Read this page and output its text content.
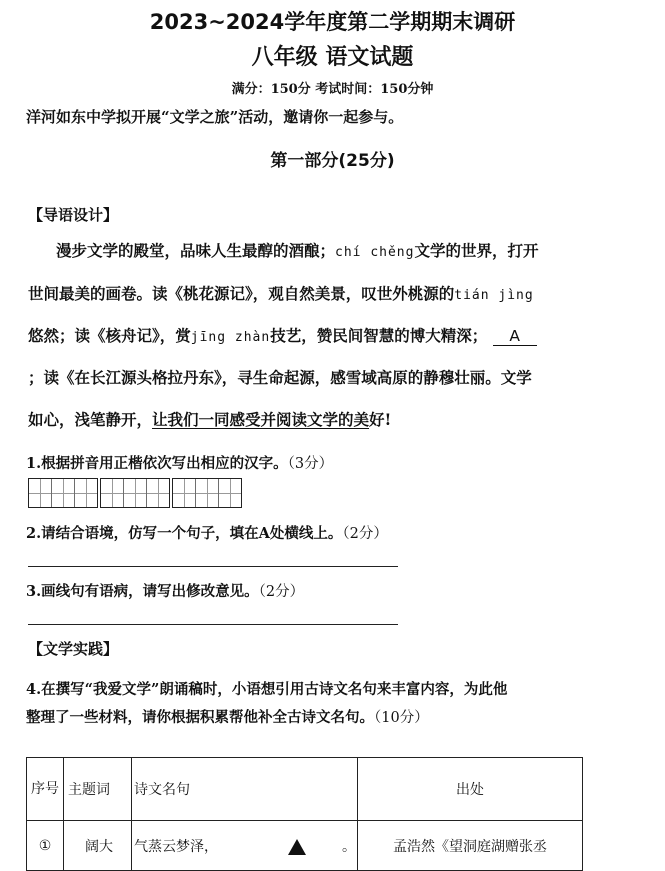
2023~2024学年度第二学期期末调研
八年级 语文试题
满分：150分 考试时间：150分钟
洋河如东中学拟开展“文学之旅”活动，邀请你一起参与。
第一部分(25分)
【导语设计】
漫步文学的殿堂，品味人生最醇的酒酿；chí chěng文学的世界，打开
世间最美的画卷。读《桃花源记》，观自然美景，叹世外桃源的tián jìng
悠然；读《核舟记》，赏jīng zhàn技艺，赞民间智慧的博大精深； A
；读《在长江源头格拉丹东》，寻生命起源，感雪域高原的静穆壮丽。文学
如心，浅笔静开，让我们一同感受并阅读文学的美好!
1.根据拼音用正楷依次写出相应的汉字。（3分）
2.请结合语境，仿写一个句子，填在A处横线上。（2分）
3.画线句有语病，请写出修改意见。（2分）
【文学实践】
4.在撰写“我爱文学”朗诵稿时，小语想引用古诗文名句来丰富内容，为此他
整理了一些材料，请你根据积累帮他补全古诗文名句。（10分）
序号	主题词	诗文名句	出处
①	阔大	气蒸云梦泽， 。	孟浩然《望洞庭湖赠张丞
